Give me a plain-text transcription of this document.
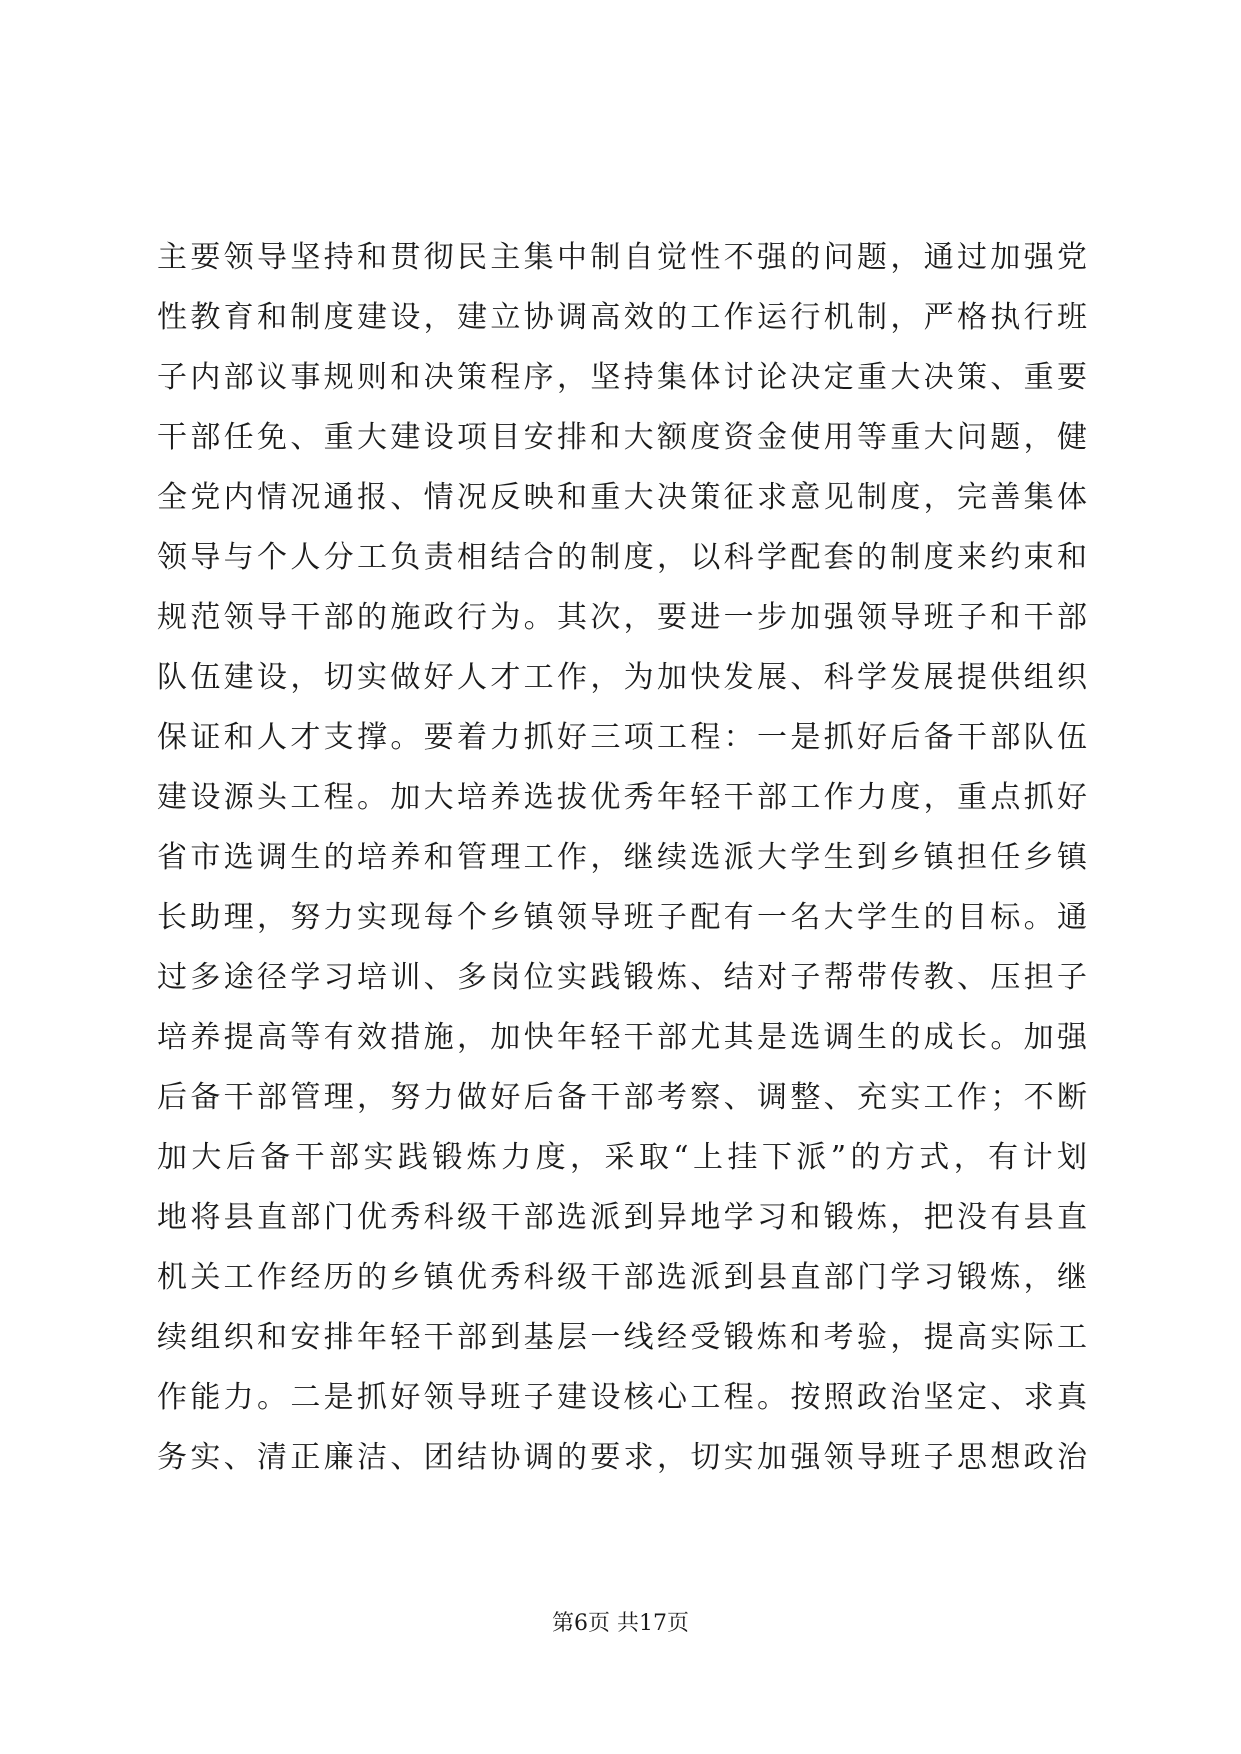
主要领导坚持和贯彻民主集中制自觉性不强的问题，通过加强党
性教育和制度建设，建立协调高效的工作运行机制，严格执行班
子内部议事规则和决策程序，坚持集体讨论决定重大决策、重要
干部任免、重大建设项目安排和大额度资金使用等重大问题，健
全党内情况通报、情况反映和重大决策征求意见制度，完善集体
领导与个人分工负责相结合的制度，以科学配套的制度来约束和
规范领导干部的施政行为。其次，要进一步加强领导班子和干部
队伍建设，切实做好人才工作，为加快发展、科学发展提供组织
保证和人才支撑。要着力抓好三项工程：一是抓好后备干部队伍
建设源头工程。加大培养选拔优秀年轻干部工作力度，重点抓好
省市选调生的培养和管理工作，继续选派大学生到乡镇担任乡镇
长助理，努力实现每个乡镇领导班子配有一名大学生的目标。通
过多途径学习培训、多岗位实践锻炼、结对子帮带传教、压担子
培养提高等有效措施，加快年轻干部尤其是选调生的成长。加强
后备干部管理，努力做好后备干部考察、调整、充实工作；不断
加大后备干部实践锻炼力度，采取“上挂下派”的方式，有计划
地将县直部门优秀科级干部选派到异地学习和锻炼，把没有县直
机关工作经历的乡镇优秀科级干部选派到县直部门学习锻炼，继
续组织和安排年轻干部到基层一线经受锻炼和考验，提高实际工
作能力。二是抓好领导班子建设核心工程。按照政治坚定、求真
务实、清正廉洁、团结协调的要求，切实加强领导班子思想政治
第6页 共17页
